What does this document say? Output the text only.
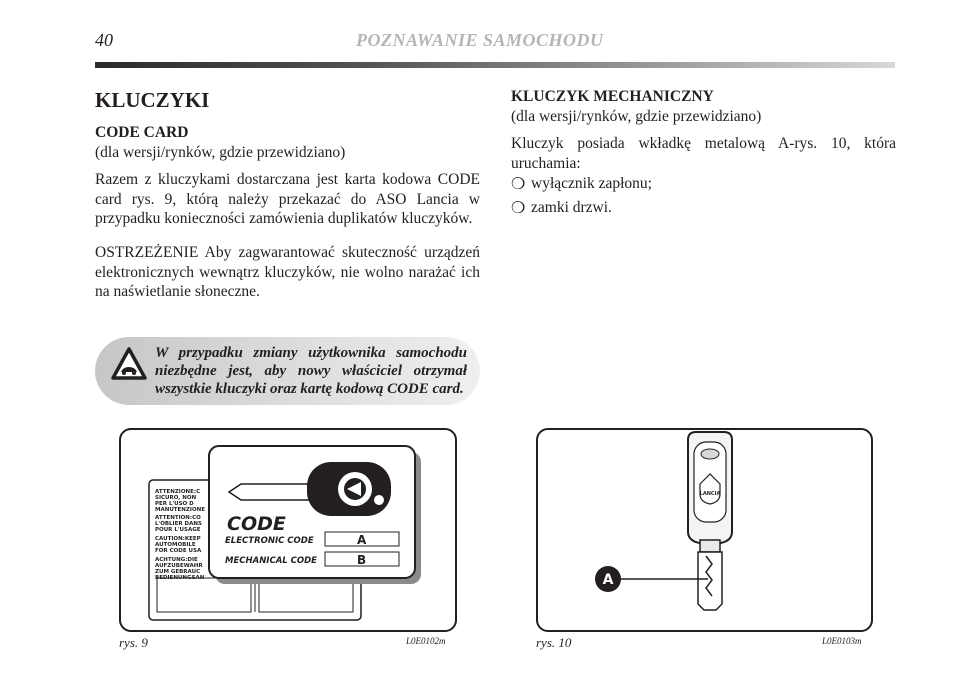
40	POZNAWANIE SAMOCHODU
KLUCZYKI
CODE CARD
(dla wersji/rynków, gdzie przewidziano)
Razem z kluczykami dostarczana jest karta kodowa CODE card rys. 9, którą należy przekazać do ASO Lancia w przypadku konieczności zamówienia duplikatów kluczyków.
OSTRZEŻENIE Aby zagwarantować skuteczność urządzeń elektronicznych wewnątrz kluczyków, nie wolno narażać ich na naświetlanie słoneczne.
W przypadku zmiany użytkownika samochodu niezbędne jest, aby nowy właściciel otrzymał wszystkie kluczyki oraz kartę kodową CODE card.
KLUCZYK MECHANICZNY
(dla wersji/rynków, gdzie przewidziano)
Kluczyk posiada wkładkę metalową A-rys. 10, która uruchamia:
❍ wyłącznik zapłonu;
❍ zamki drzwi.
ATTENZIONE:C
SICURO, NON
PER L'USO D
MANUTENZIONE
ATTENTION:CO
L'OBLIER DANS
POUR L'USAGE
CAUTION:KEEP
AUTOMOBILE
FOR CODE USA
ACHTUNG:DIE
AUFZUBEWAHR
ZUM GEBRAUC
BEDIENUNGSAN
CODE
ELECTRONIC CODE	A
MECHANICAL CODE	B
rys. 9	L0E0102m
LANCIA
A
rys. 10	L0E0103m
